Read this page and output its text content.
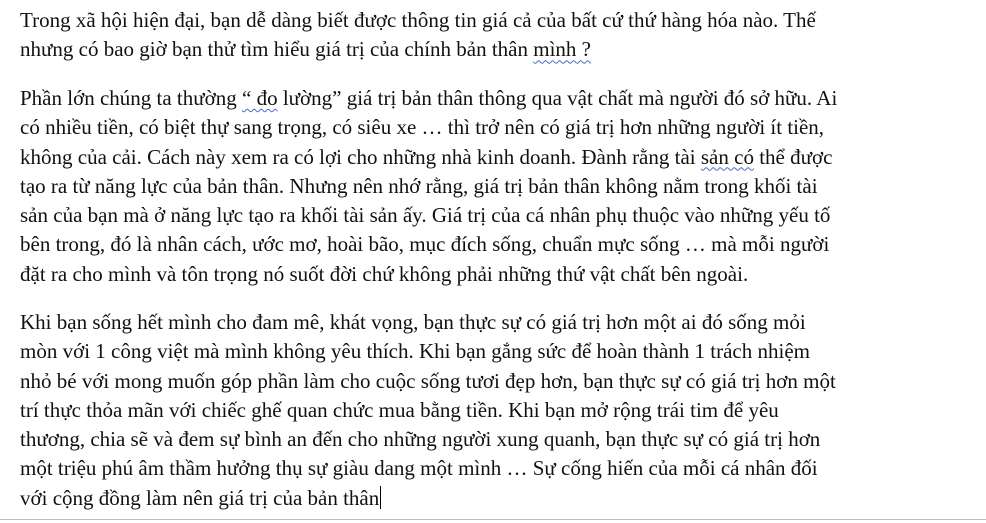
Trong xã hội hiện đại, bạn dễ dàng biết được thông tin giá cả của bất cứ thứ hàng hóa nào. Thế
nhưng có bao giờ bạn thử tìm hiểu giá trị của chính bản thân mình ?
Phần lớn chúng ta thường “ đo lường” giá trị bản thân thông qua vật chất mà người đó sở hữu. Ai
có nhiều tiền, có biệt thự sang trọng, có siêu xe … thì trở nên có giá trị hơn những người ít tiền,
không của cải. Cách này xem ra có lợi cho những nhà kinh doanh. Đành rằng tài sản có thể được
tạo ra từ năng lực của bản thân. Nhưng nên nhớ rằng, giá trị bản thân không nằm trong khối tài
sản của bạn mà ở năng lực tạo ra khối tài sản ấy. Giá trị của cá nhân phụ thuộc vào những yếu tố
bên trong, đó là nhân cách, ước mơ, hoài bão, mục đích sống, chuẩn mực sống … mà mỗi người
đặt ra cho mình và tôn trọng nó suốt đời chứ không phải những thứ vật chất bên ngoài.
Khi bạn sống hết mình cho đam mê, khát vọng, bạn thực sự có giá trị hơn một ai đó sống mỏi
mòn với 1 công việt mà mình không yêu thích. Khi bạn gắng sức để hoàn thành 1 trách nhiệm
nhỏ bé với mong muốn góp phần làm cho cuộc sống tươi đẹp hơn, bạn thực sự có giá trị hơn một
trí thực thỏa mãn với chiếc ghế quan chức mua bằng tiền. Khi bạn mở rộng trái tim để yêu
thương, chia sẽ và đem sự bình an đến cho những người xung quanh, bạn thực sự có giá trị hơn
một triệu phú âm thầm hưởng thụ sự giàu dang một mình … Sự cống hiến của mỗi cá nhân đối
với cộng đồng làm nên giá trị của bản thân
